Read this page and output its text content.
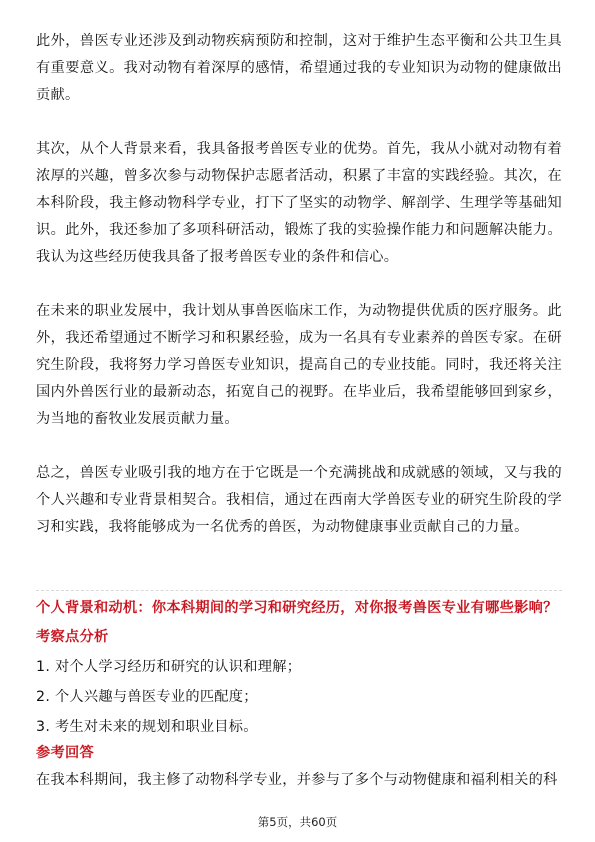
此外，兽医专业还涉及到动物疾病预防和控制，这对于维护生态平衡和公共卫生具有重要意义。我对动物有着深厚的感情，希望通过我的专业知识为动物的健康做出贡献。

其次，从个人背景来看，我具备报考兽医专业的优势。首先，我从小就对动物有着浓厚的兴趣，曾多次参与动物保护志愿者活动，积累了丰富的实践经验。其次，在本科阶段，我主修动物科学专业，打下了坚实的动物学、解剖学、生理学等基础知识。此外，我还参加了多项科研活动，锻炼了我的实验操作能力和问题解决能力。我认为这些经历使我具备了报考兽医专业的条件和信心。

在未来的职业发展中，我计划从事兽医临床工作，为动物提供优质的医疗服务。此外，我还希望通过不断学习和积累经验，成为一名具有专业素养的兽医专家。在研究生阶段，我将努力学习兽医专业知识，提高自己的专业技能。同时，我还将关注国内外兽医行业的最新动态，拓宽自己的视野。在毕业后，我希望能够回到家乡，为当地的畜牧业发展贡献力量。

总之，兽医专业吸引我的地方在于它既是一个充满挑战和成就感的领域，又与我的个人兴趣和专业背景相契合。我相信，通过在西南大学兽医专业的研究生阶段的学习和实践，我将能够成为一名优秀的兽医，为动物健康事业贡献自己的力量。

个人背景和动机：你本科期间的学习和研究经历，对你报考兽医专业有哪些影响？
考察点分析
1. 对个人学习经历和研究的认识和理解；
2. 个人兴趣与兽医专业的匹配度；
3. 考生对未来的规划和职业目标。
参考回答
在我本科期间，我主修了动物科学专业，并参与了多个与动物健康和福利相关的科
第5页，共60页
